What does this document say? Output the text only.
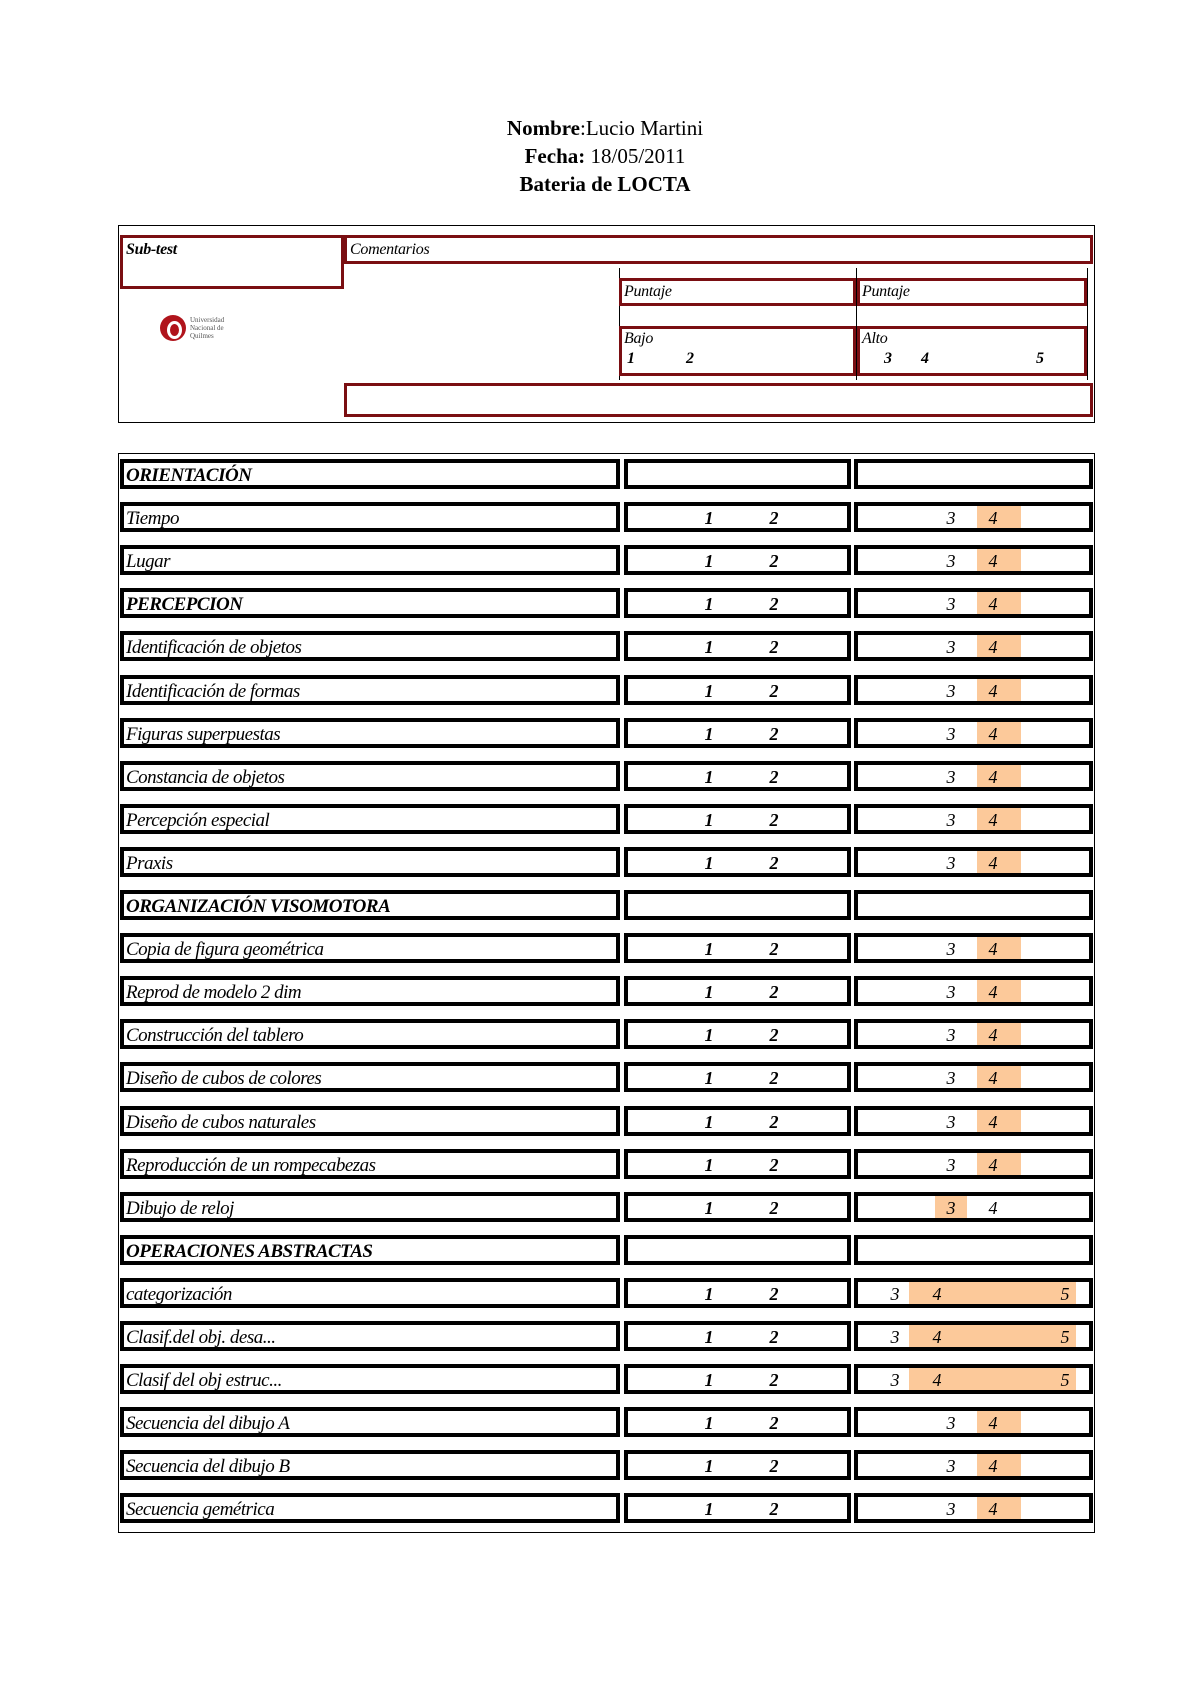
Nombre:Lucio Martini
Fecha: 18/05/2011
Bateria de LOCTA
Sub-test	Comentarios
Puntaje	Puntaje
Bajo
1	2
Alto
3 4	5
Universidad Nacional de Quilmes
ORIENTACIÓN
Tiempo	1	2	3	4
Lugar	1	2	3	4
PERCEPCION	1	2	3	4
Identificación de objetos	1	2	3	4
Identificación de formas	1	2	3	4
Figuras superpuestas	1	2	3	4
Constancia de objetos	1	2	3	4
Percepción especial	1	2	3	4
Praxis	1	2	3	4
ORGANIZACIÓN VISOMOTORA
Copia de figura geométrica	1	2	3	4
Reprod de modelo 2 dim	1	2	3	4
Construcción del tablero	1	2	3	4
Diseño de cubos de colores	1	2	3	4
Diseño de cubos naturales	1	2	3	4
Reproducción de un rompecabezas	1	2	3	4
Dibujo de reloj	1	2	3	4
OPERACIONES ABSTRACTAS
categorización	1	2	3	4	5
Clasif.del obj. desa...	1	2	3	4	5
Clasif del obj estruc...	1	2	3	4	5
Secuencia del dibujo A	1	2	3	4
Secuencia del dibujo B	1	2	3	4
Secuencia gemétrica	1	2	3	4
